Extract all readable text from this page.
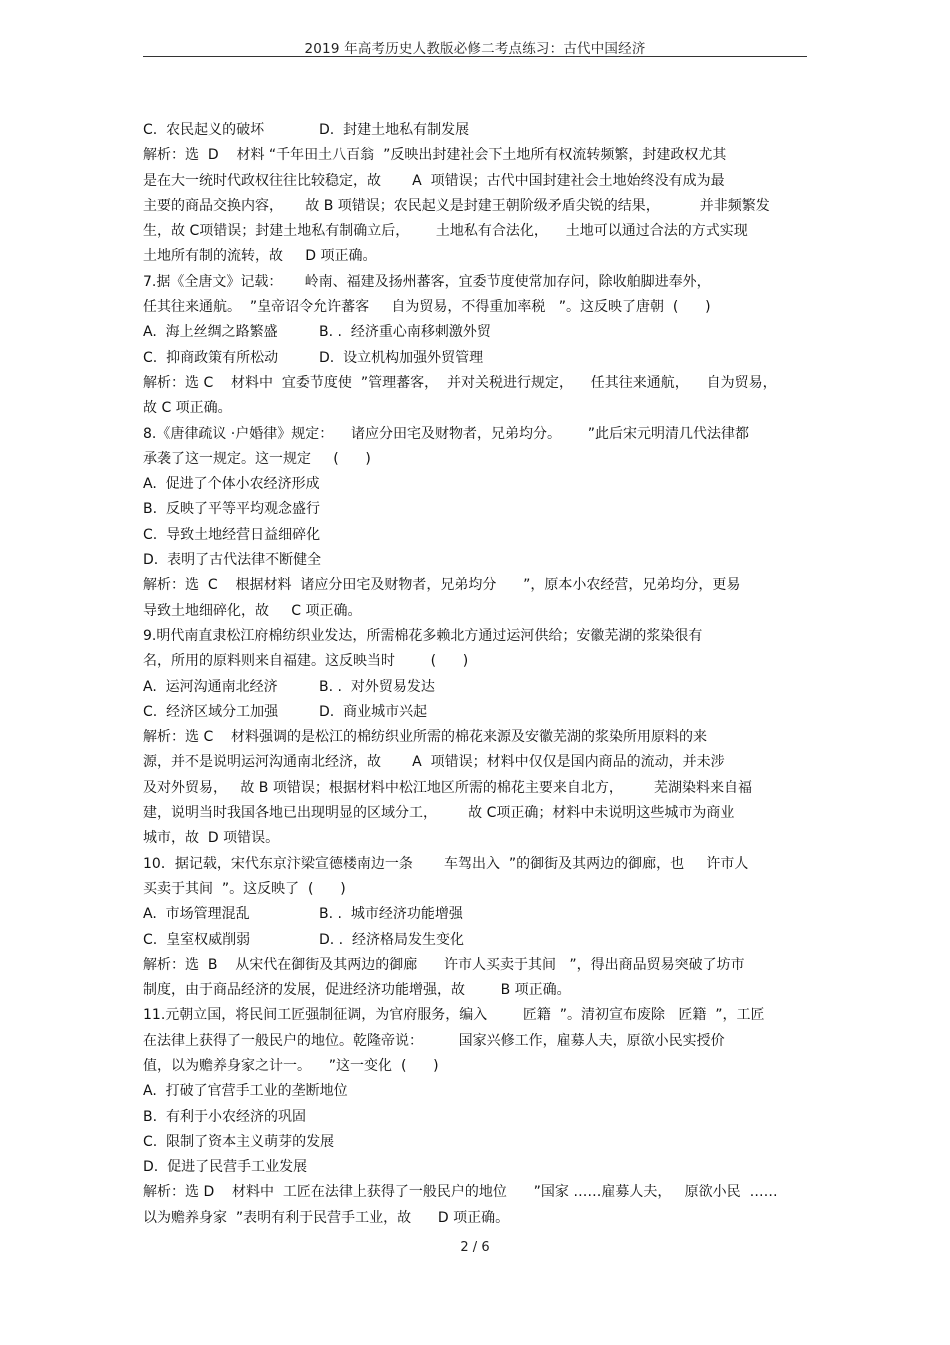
2019 年高考历史人教版必修二考点练习：古代中国经济
C.  农民起义的破坏	D.  封建土地私有制发展
解析：选  D    材料 “千年田土八百翁  ”反映出封建社会下土地所有权流转频繁，封建政权尤其
是在大一统时代政权往往比较稳定，故       A  项错误；古代中国封建社会土地始终没有成为最
主要的商品交换内容，     故 B 项错误；农民起义是封建王朝阶级矛盾尖锐的结果，         并非频繁发
生，故 C项错误；封建土地私有制确立后，      土地私有合法化，    土地可以通过合法的方式实现
土地所有制的流转，故     D 项正确。
7.据《全唐文》记载：     岭南、福建及扬州蕃客，宜委节度使常加存问，除收舶脚进奉外，
任其往来通航。  ”皇帝诏令允许蕃客     自为贸易，不得重加率税   ”。这反映了唐朝  (      )
A.  海上丝绸之路繁盛	B. .  经济重心南移刺激外贸
C.  抑商政策有所松动	D.  设立机构加强外贸管理
解析：选 C    材料中  宜委节度使  ”管理蕃客，  并对关税进行规定，    任其往来通航，    自为贸易，
故 C 项正确。
8.《唐律疏议 ·户婚律》规定：    诸应分田宅及财物者，兄弟均分。      ”此后宋元明清几代法律都
承袭了这一规定。这一规定     (      )
A.  促进了个体小农经济形成
B.  反映了平等平均观念盛行
C.  导致土地经营日益细碎化
D.  表明了古代法律不断健全
解析：选  C    根据材料  诸应分田宅及财物者，兄弟均分      ”，原本小农经营，兄弟均分，更易
导致土地细碎化，故     C 项正确。
9.明代南直隶松江府棉纺织业发达，所需棉花多赖北方通过运河供给；安徽芜湖的浆染很有
名，所用的原料则来自福建。这反映当时        (      )
A.  运河沟通南北经济	B. .  对外贸易发达
C.  经济区域分工加强	D.  商业城市兴起
解析：选 C    材料强调的是松江的棉纺织业所需的棉花来源及安徽芜湖的浆染所用原料的来
源，并不是说明运河沟通南北经济，故       A  项错误；材料中仅仅是国内商品的流动，并未涉
及对外贸易，   故 B 项错误；根据材料中松江地区所需的棉花主要来自北方，       芜湖染料来自福
建，说明当时我国各地已出现明显的区域分工，       故 C项正确；材料中未说明这些城市为商业
城市，故  D 项错误。
10．据记载，宋代东京汴梁宣德楼南边一条       车驾出入  ”的御街及其两边的御廊，也     许市人
买卖于其间  ”。这反映了  (      )
A.  市场管理混乱	B. .  城市经济功能增强
C.  皇室权威削弱	D. .  经济格局发生变化
解析：选  B    从宋代在御街及其两边的御廊      许市人买卖于其间   ”，得出商品贸易突破了坊市
制度，由于商品经济的发展，促进经济功能增强，故        B 项正确。
11.元朝立国，将民间工匠强制征调，为官府服务，编入        匠籍  ”。清初宣布废除   匠籍  ”，工匠
在法律上获得了一般民户的地位。乾隆帝说：        国家兴修工作，雇募人夫，原欲小民实授价
值，以为赡养身家之计一。    ”这一变化  (      )
A.  打破了官营手工业的垄断地位
B.  有利于小农经济的巩固
C.  限制了资本主义萌芽的发展
D.  促进了民营手工业发展
解析：选 D    材料中  工匠在法律上获得了一般民户的地位      ”国家 ……雇募人夫，   原欲小民  ……
以为赡养身家  ”表明有利于民营手工业，故      D 项正确。
2 / 6
